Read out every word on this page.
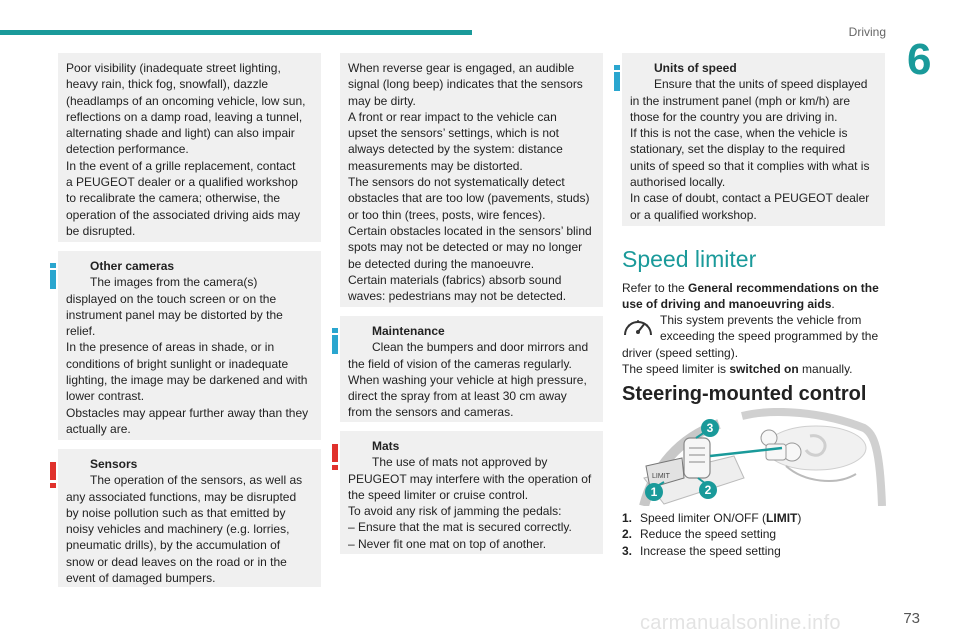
Driving
6

Poor visibility (inadequate street lighting,

heavy rain, thick fog, snowfall), dazzle

(headlamps of an oncoming vehicle, low sun,

reflections on a damp road, leaving a tunnel,

alternating shade and light) can also impair

detection performance.

In the event of a grille replacement, contact

a PEUGEOT dealer or a qualified workshop

to recalibrate the camera; otherwise, the

operation of the associated driving aids may

be disrupted.

Other cameras

The images from the camera(s)

displayed on the touch screen or on the

instrument panel may be distorted by the

relief.

In the presence of areas in shade, or in

conditions of bright sunlight or inadequate

lighting, the image may be darkened and with

lower contrast.

Obstacles may appear further away than they

actually are.

Sensors

The operation of the sensors, as well as

any associated functions, may be disrupted

by noise pollution such as that emitted by

noisy vehicles and machinery (e.g. lorries,

pneumatic drills), by the accumulation of

snow or dead leaves on the road or in the

event of damaged bumpers.

When reverse gear is engaged, an audible

signal (long beep) indicates that the sensors

may be dirty.

A front or rear impact to the vehicle can

upset the sensors’ settings, which is not

always detected by the system: distance

measurements may be distorted.

The sensors do not systematically detect

obstacles that are too low (pavements, studs)

or too thin (trees, posts, wire fences).

Certain obstacles located in the sensors’ blind

spots may not be detected or may no longer

be detected during the manoeuvre.

Certain materials (fabrics) absorb sound

waves: pedestrians may not be detected.

Maintenance

Clean the bumpers and door mirrors and

the field of vision of the cameras regularly.

When washing your vehicle at high pressure,

direct the spray from at least 30 cm away

from the sensors and cameras.

Mats

The use of mats not approved by

PEUGEOT may interfere with the operation of

the speed limiter or cruise control.

To avoid any risk of jamming the pedals:

– Ensure that the mat is secured correctly.

– Never fit one mat on top of another.

Units of speed

Ensure that the units of speed displayed

in the instrument panel (mph or km/h) are

those for the country you are driving in.

If this is not the case, when the vehicle is

stationary, set the display to the required

units of speed so that it complies with what is

authorised locally.

In case of doubt, contact a PEUGEOT dealer

or a qualified workshop.

Speed limiter

Refer to the General recommendations on the

use of driving and manoeuvring aids.

This system prevents the vehicle from

exceeding the speed programmed by the

driver (speed setting).

The speed limiter is switched on manually.

Steering-mounted control
LIMIT
3
2
1
1. Speed limiter ON/OFF (LIMIT)
2. Reduce the speed setting
3. Increase the speed setting
carmanualsonline.info	73
